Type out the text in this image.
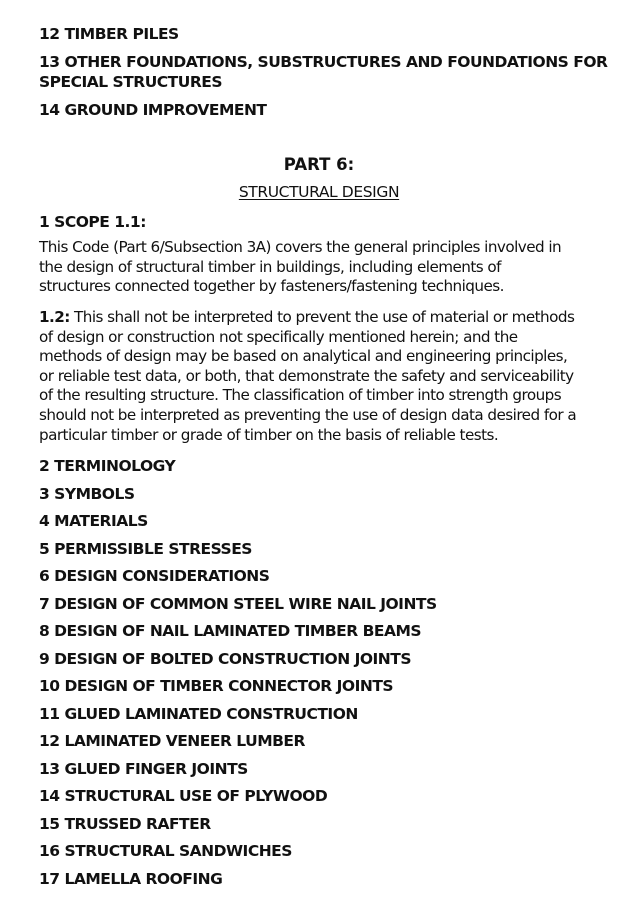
12 TIMBER PILES
13 OTHER FOUNDATIONS, SUBSTRUCTURES AND FOUNDATIONS FOR
SPECIAL STRUCTURES
14 GROUND IMPROVEMENT
PART 6:
STRUCTURAL DESIGN
1 SCOPE 1.1:
This Code (Part 6/Subsection 3A) covers the general principles involved in
the design of structural timber in buildings, including elements of
structures connected together by fasteners/fastening techniques.
1.2: This shall not be interpreted to prevent the use of material or methods
of design or construction not specifically mentioned herein; and the
methods of design may be based on analytical and engineering principles,
or reliable test data, or both, that demonstrate the safety and serviceability
of the resulting structure. The classification of timber into strength groups
should not be interpreted as preventing the use of design data desired for a
particular timber or grade of timber on the basis of reliable tests.
2 TERMINOLOGY
3 SYMBOLS
4 MATERIALS
5 PERMISSIBLE STRESSES
6 DESIGN CONSIDERATIONS
7 DESIGN OF COMMON STEEL WIRE NAIL JOINTS
8 DESIGN OF NAIL LAMINATED TIMBER BEAMS
9 DESIGN OF BOLTED CONSTRUCTION JOINTS
10 DESIGN OF TIMBER CONNECTOR JOINTS
11 GLUED LAMINATED CONSTRUCTION
12 LAMINATED VENEER LUMBER
13 GLUED FINGER JOINTS
14 STRUCTURAL USE OF PLYWOOD
15 TRUSSED RAFTER
16 STRUCTURAL SANDWICHES
17 LAMELLA ROOFING
